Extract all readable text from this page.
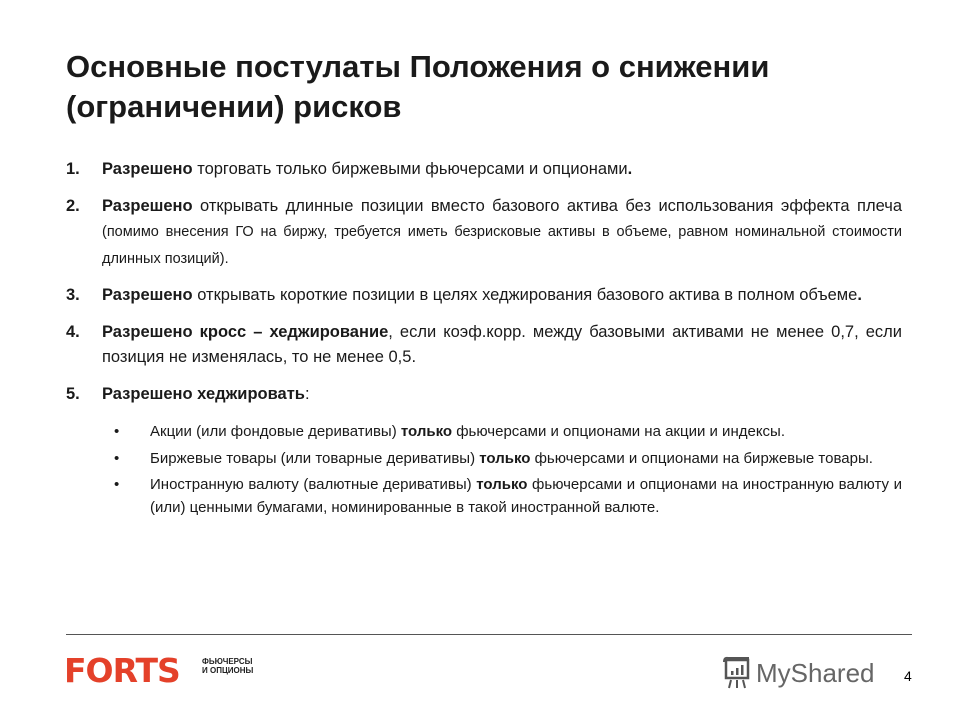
Основные постулаты Положения о снижении (ограничении) рисков
1. Разрешено торговать только биржевыми фьючерсами и опционами.
2. Разрешено открывать длинные позиции вместо базового актива без использования эффекта плеча (помимо внесения ГО на биржу, требуется иметь безрисковые активы в объеме, равном номинальной стоимости длинных позиций).
3. Разрешено открывать короткие позиции в целях хеджирования базового актива в полном объеме.
4. Разрешено кросс – хеджирование, если коэф.корр. между базовыми активами не менее 0,7, если позиция не изменялась, то не менее 0,5.
5. Разрешено хеджировать:
• Акции (или фондовые деривативы) только фьючерсами и опционами на акции и индексы.
• Биржевые товары (или товарные деривативы) только фьючерсами и опционами на биржевые товары.
• Иностранную валюту (валютные деривативы) только фьючерсами и опционами на иностранную валюту и (или) ценными бумагами, номинированные в такой иностранной валюте.
FORTS	ФЬЮЧЕРСЫ
И ОПЦИОНЫ	MyShared 4
